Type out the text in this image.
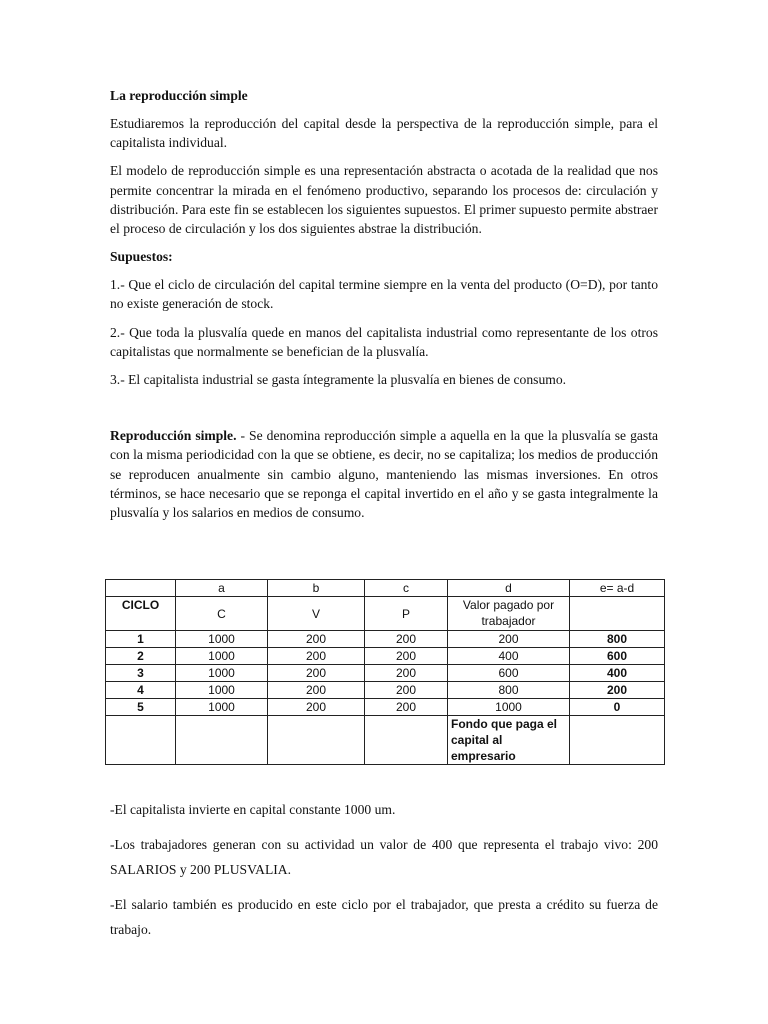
La reproducción simple

Estudiaremos la reproducción del capital desde la perspectiva de la reproducción simple, para el capitalista individual.

El modelo de reproducción simple es una representación abstracta o acotada de la realidad que nos permite concentrar la mirada en el fenómeno productivo, separando los procesos de: circulación y distribución. Para este fin se establecen los siguientes supuestos. El primer supuesto permite abstraer el proceso de circulación y los dos siguientes abstrae la distribución.

Supuestos:

1.- Que el ciclo de circulación del capital termine siempre en la venta del producto (O=D), por tanto no existe generación de stock.

2.- Que toda la plusvalía quede en manos del capitalista industrial como representante de los otros capitalistas que normalmente se benefician de la plusvalía.

3.- El capitalista industrial se gasta íntegramente la plusvalía en bienes de consumo.

Reproducción simple. - Se denomina reproducción simple a aquella en la que la plusvalía se gasta con la misma periodicidad con la que se obtiene, es decir, no se capitaliza; los medios de producción se reproducen anualmente sin cambio alguno, manteniendo las mismas inversiones. En otros términos, se hace necesario que se reponga el capital invertido en el año y se gasta integralmente la plusvalía y los salarios en medios de consumo.

	a	b	c	d	e= a-d
CICLO	C	V	P	Valor pagado por trabajador	
1	1000	200	200	200	800
2	1000	200	200	400	600
3	1000	200	200	600	400
4	1000	200	200	800	200
5	1000	200	200	1000	0
				Fondo que paga el capital al empresario	

-El capitalista invierte en capital constante 1000 um.

-Los trabajadores generan con su actividad un valor de 400 que representa el trabajo vivo: 200 SALARIOS y 200 PLUSVALIA.

-El salario también es producido en este ciclo por el trabajador, que presta a crédito su fuerza de trabajo.
